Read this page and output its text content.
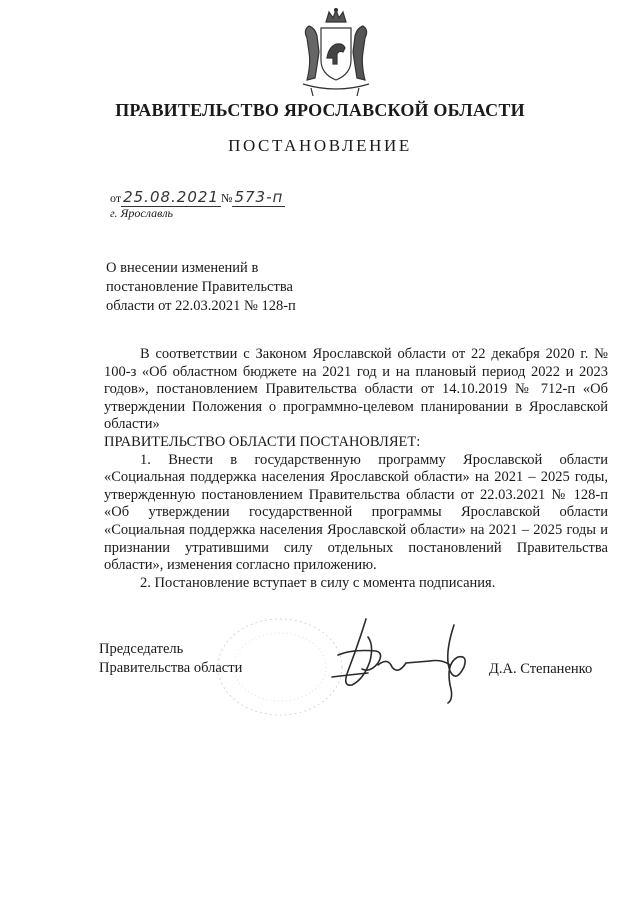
ПРАВИТЕЛЬСТВО ЯРОСЛАВСКОЙ ОБЛАСТИ
ПОСТАНОВЛЕНИЕ
от 25.08.2021 № 573-п
г. Ярославль
О внесении изменений в
постановление Правительства
области от 22.03.2021 № 128-п

В соответствии с Законом Ярославской области от 22 декабря 2020 г. № 100-з «Об областном бюджете на 2021 год и на плановый период 2022 и 2023 годов», постановлением Правительства области от 14.10.2019 № 712-п «Об утверждении Положения о программно-целевом планировании в Ярославской области»

ПРАВИТЕЛЬСТВО ОБЛАСТИ ПОСТАНОВЛЯЕТ:

1. Внести в государственную программу Ярославской области «Социальная поддержка населения Ярославской области» на 2021 – 2025 годы, утвержденную постановлением Правительства области от 22.03.2021 № 128-п «Об утверждении государственной программы Ярославской области «Социальная поддержка населения Ярославской области» на 2021 – 2025 годы и признании утратившими силу отдельных постановлений Правительства области», изменения согласно приложению.

2. Постановление вступает в силу с момента подписания.

Председатель
Правительства области	Д.А. Степаненко
